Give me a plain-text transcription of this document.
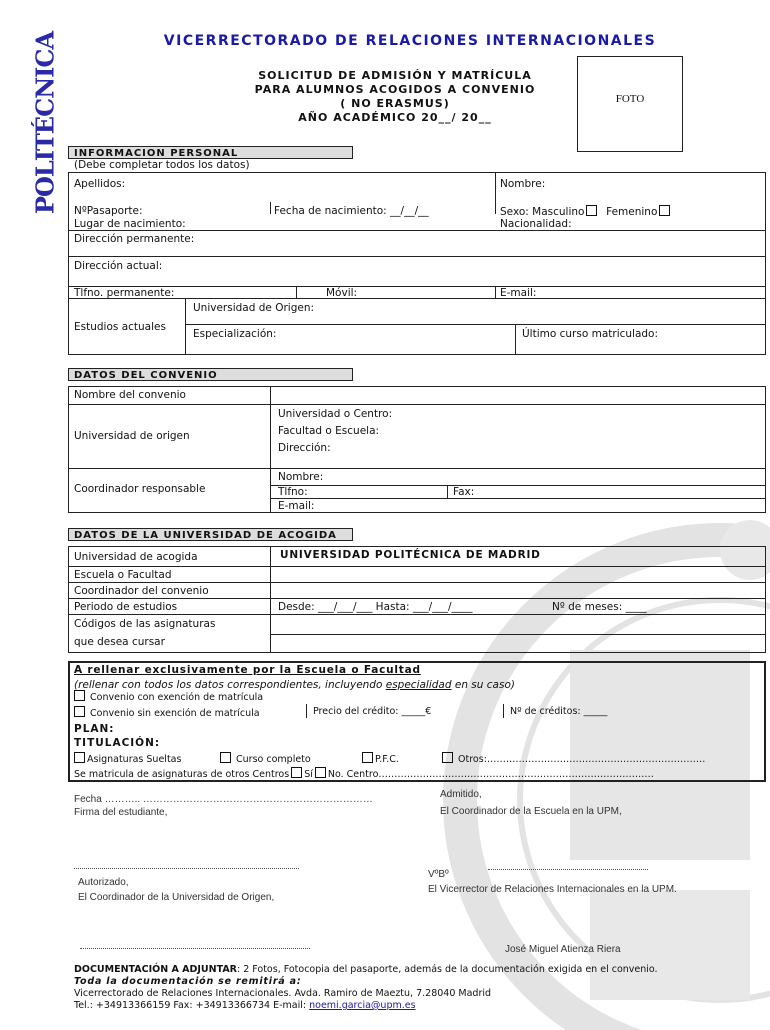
POLITÉCNICA	VICERRECTORADO DE RELACIONES INTERNACIONALES
SOLICITUD DE ADMISIÓN Y MATRÍCULA
PARA ALUMNOS ACOGIDOS A CONVENIO
( NO ERASMUS)
AÑO ACADÉMICO 20__/ 20__
FOTO
INFORMACION PERSONAL
(Debe completar todos los datos)
Apellidos:	Nombre:
NºPasaporte:	Fecha de nacimiento: __/__/__	Sexo: Masculino Femenino
Lugar de nacimiento:	Nacionalidad:
Dirección permanente:
Dirección actual:
Tlfno. permanente:	Móvil:	E-mail:
Estudios actuales
Universidad de Origen:
Especialización:	Último curso matriculado:
DATOS DEL CONVENIO
Nombre del convenio
Universidad de origen
Universidad o Centro:
Facultad o Escuela:
Dirección:
Coordinador responsable
Nombre:
Tlfno:	Fax:
E-mail:
DATOS DE LA UNIVERSIDAD DE ACOGIDA
Universidad de acogida	UNIVERSIDAD POLITÉCNICA DE MADRID
Escuela o Facultad
Coordinador del convenio
Periodo de estudios	Desde: ___/___/___ Hasta: ___/___/____	Nº de meses: ____
Códigos de las asignaturas
que desea cursar
A rellenar exclusivamente por la Escuela o Facultad
(rellenar con todos los datos correspondientes, incluyendo especialidad en su caso)
Convenio con exención de matrícula
Convenio sin exención de matrícula	Precio del crédito: _____€	Nº de créditos: _____
PLAN:
TITULACIÓN:
Asignaturas Sueltas	Curso completo	P.F.C.	Otros:……………………………………………………………
Se matricula de asignaturas de otros Centros Sí No. Centro……………………………………………………………………………
Fecha ……….. ……………………………………………………………
Firma del estudiante,
Admitido,
El Coordinador de la Escuela en la UPM,
VºBº
Autorizado,
El Vicerrector de Relaciones Internacionales en la UPM.
El Coordinador de la Universidad de Origen,
José Miguel Atienza Riera
DOCUMENTACIÓN A ADJUNTAR: 2 Fotos, Fotocopia del pasaporte, además de la documentación exigida en el convenio.
Toda la documentación se remitirá a:
Vicerrectorado de Relaciones Internacionales. Avda. Ramiro de Maeztu, 7.28040 Madrid
Tel.: +34913366159 Fax: +34913366734 E-mail: noemi.garcia@upm.es
